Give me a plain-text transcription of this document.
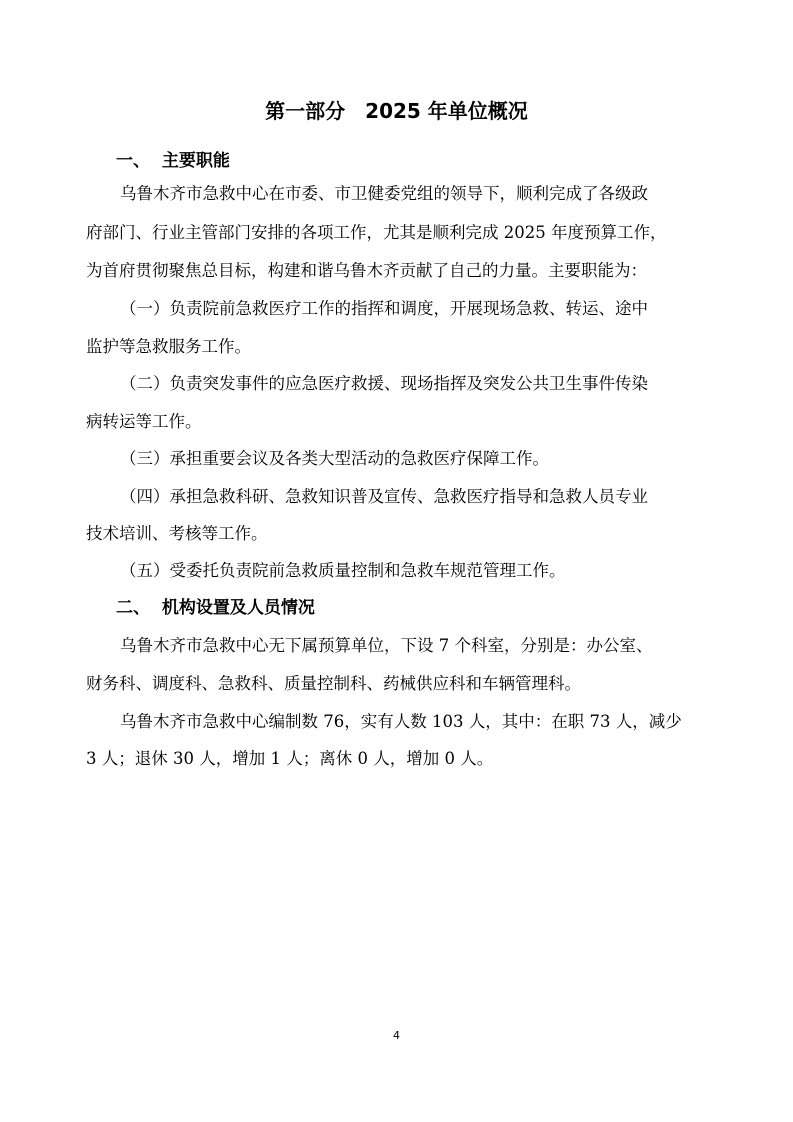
第一部分　2025 年单位概况
一、  主要职能
乌鲁木齐市急救中心在市委、市卫健委党组的领导下，顺利完成了各级政
府部门、行业主管部门安排的各项工作，尤其是顺利完成 2025 年度预算工作，
为首府贯彻聚焦总目标，构建和谐乌鲁木齐贡献了自己的力量。主要职能为：
（一）负责院前急救医疗工作的指挥和调度，开展现场急救、转运、途中
监护等急救服务工作。
（二）负责突发事件的应急医疗救援、现场指挥及突发公共卫生事件传染
病转运等工作。
（三）承担重要会议及各类大型活动的急救医疗保障工作。
（四）承担急救科研、急救知识普及宣传、急救医疗指导和急救人员专业
技术培训、考核等工作。
（五）受委托负责院前急救质量控制和急救车规范管理工作。
二、  机构设置及人员情况
乌鲁木齐市急救中心无下属预算单位，下设 7 个科室，分别是：办公室、
财务科、调度科、急救科、质量控制科、药械供应科和车辆管理科。
乌鲁木齐市急救中心编制数 76，实有人数 103 人，其中：在职 73 人，减少
3 人；退休 30 人，增加 1 人；离休 0 人，增加 0 人。
4
